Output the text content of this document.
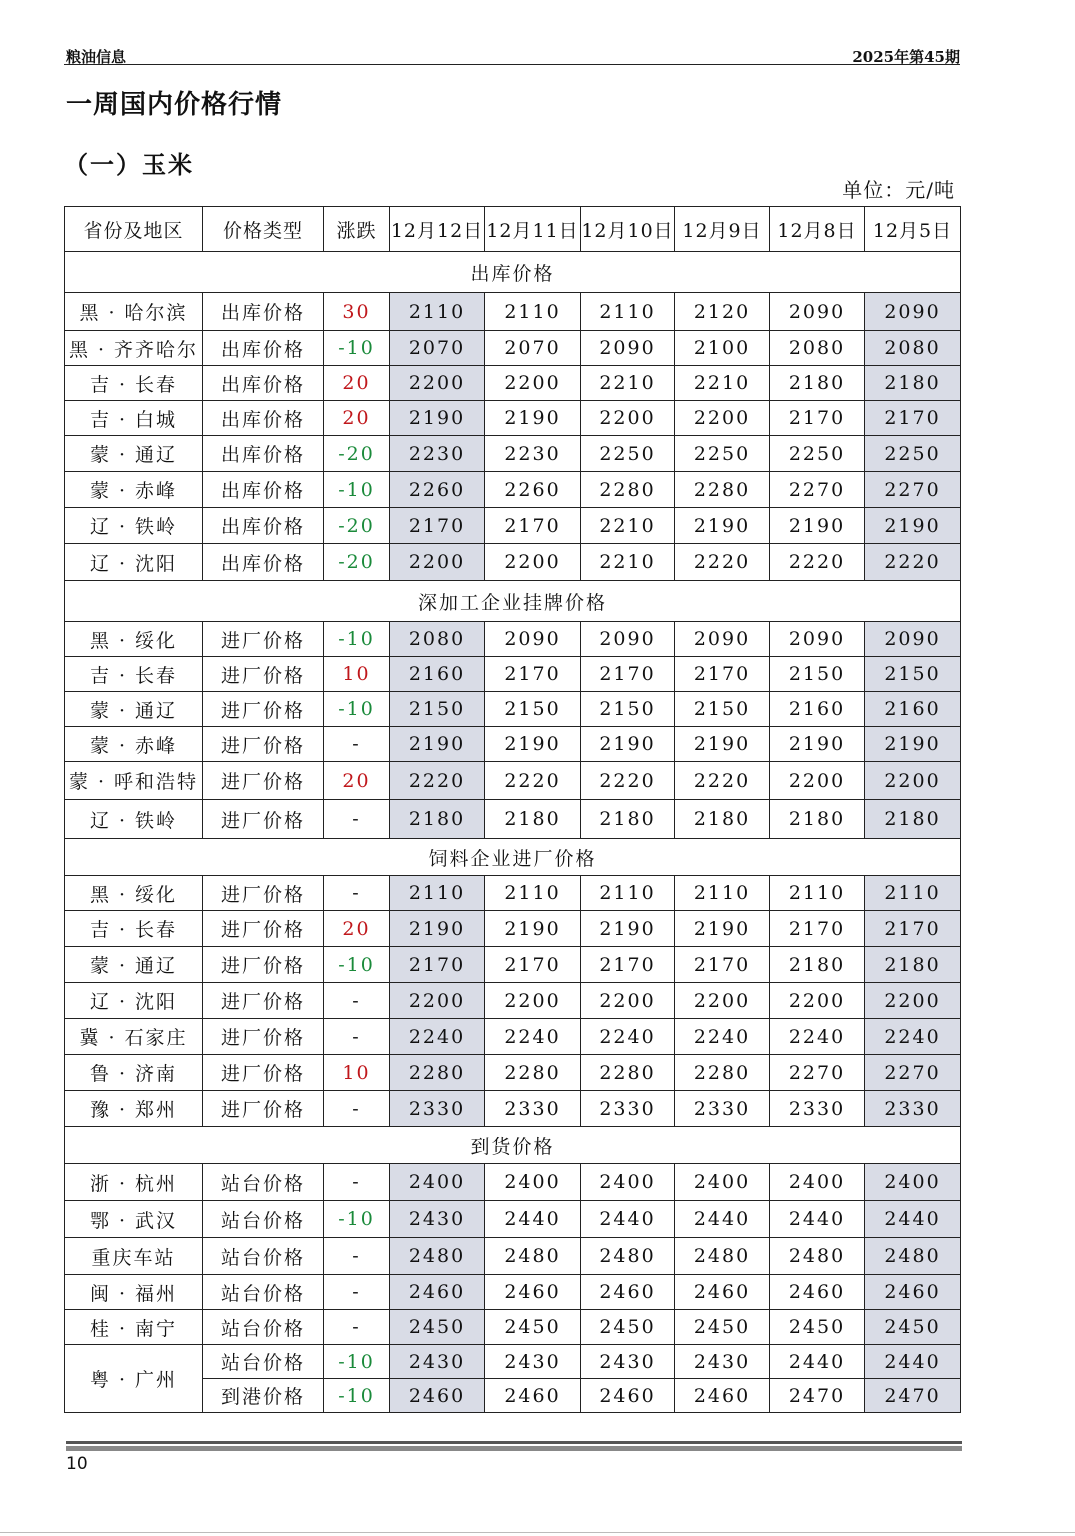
粮油信息	2025年第45期
一周国内价格行情
（一）玉米
单位：元/吨
省份及地区	价格类型	涨跌	12月12日	12月11日	12月10日	12月9日	12月8日	12月5日
出库价格								
黑 · 哈尔滨	出库价格	30	2110	2110	2110	2120	2090	2090
黑 · 齐齐哈尔	出库价格	-10	2070	2070	2090	2100	2080	2080
吉 · 长春	出库价格	20	2200	2200	2210	2210	2180	2180
吉 · 白城	出库价格	20	2190	2190	2200	2200	2170	2170
蒙 · 通辽	出库价格	-20	2230	2230	2250	2250	2250	2250
蒙 · 赤峰	出库价格	-10	2260	2260	2280	2280	2270	2270
辽 · 铁岭	出库价格	-20	2170	2170	2210	2190	2190	2190
辽 · 沈阳	出库价格	-20	2200	2200	2210	2220	2220	2220
深加工企业挂牌价格								
黑 · 绥化	进厂价格	-10	2080	2090	2090	2090	2090	2090
吉 · 长春	进厂价格	10	2160	2170	2170	2170	2150	2150
蒙 · 通辽	进厂价格	-10	2150	2150	2150	2150	2160	2160
蒙 · 赤峰	进厂价格	-	2190	2190	2190	2190	2190	2190
蒙 · 呼和浩特	进厂价格	20	2220	2220	2220	2220	2200	2200
辽 · 铁岭	进厂价格	-	2180	2180	2180	2180	2180	2180
饲料企业进厂价格								
黑 · 绥化	进厂价格	-	2110	2110	2110	2110	2110	2110
吉 · 长春	进厂价格	20	2190	2190	2190	2190	2170	2170
蒙 · 通辽	进厂价格	-10	2170	2170	2170	2170	2180	2180
辽 · 沈阳	进厂价格	-	2200	2200	2200	2200	2200	2200
冀 · 石家庄	进厂价格	-	2240	2240	2240	2240	2240	2240
鲁 · 济南	进厂价格	10	2280	2280	2280	2280	2270	2270
豫 · 郑州	进厂价格	-	2330	2330	2330	2330	2330	2330
到货价格								
浙 · 杭州	站台价格	-	2400	2400	2400	2400	2400	2400
鄂 · 武汉	站台价格	-10	2430	2440	2440	2440	2440	2440
重庆车站	站台价格	-	2480	2480	2480	2480	2480	2480
闽 · 福州	站台价格	-	2460	2460	2460	2460	2460	2460
桂 · 南宁	站台价格	-	2450	2450	2450	2450	2450	2450
粤 · 广州	站台价格	-10	2430	2430	2430	2430	2440	2440
	到港价格	-10	2460	2460	2460	2460	2470	2470
10
